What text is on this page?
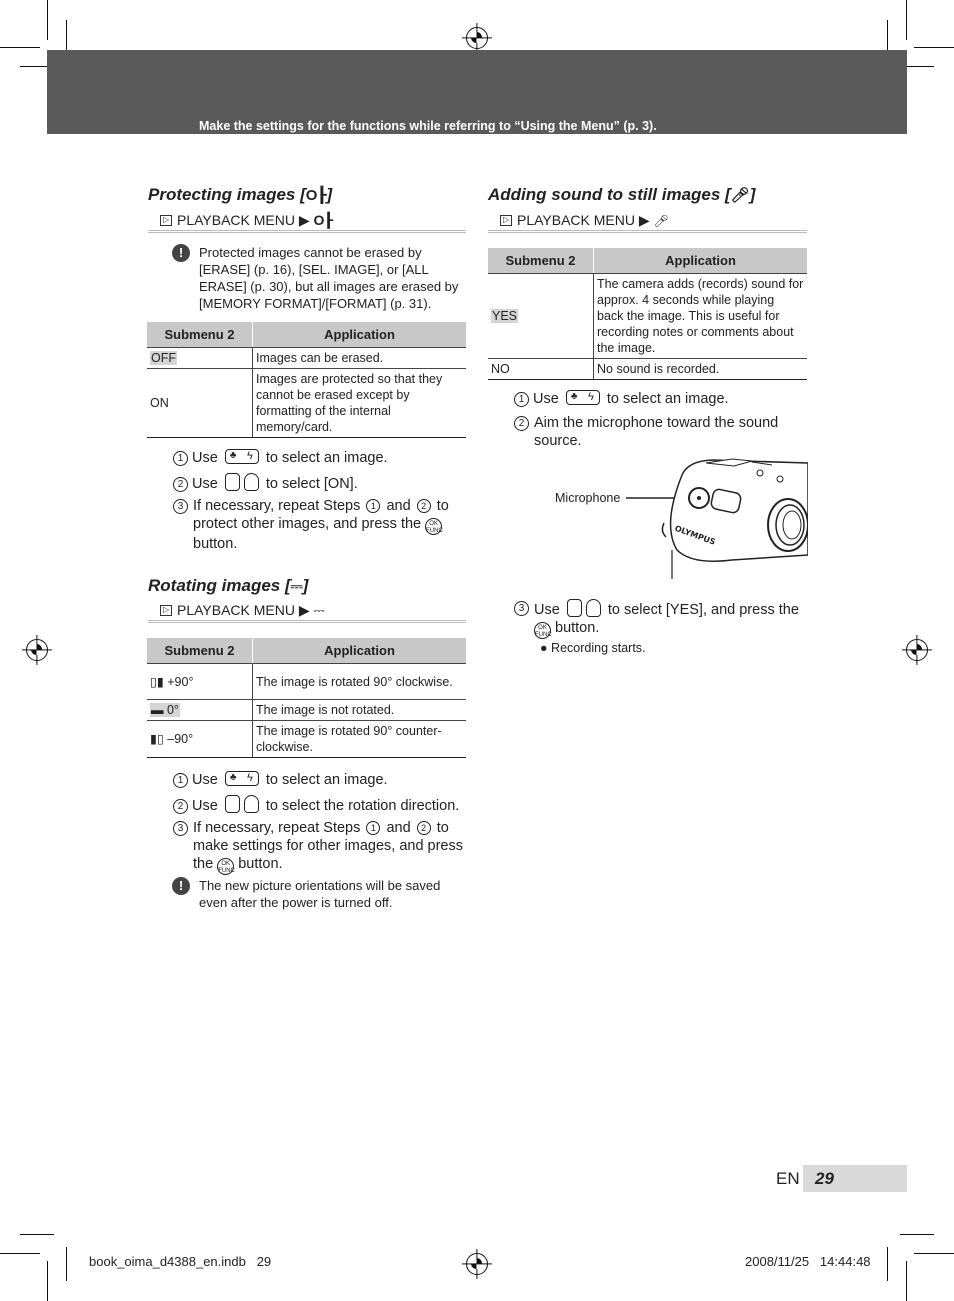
Make the settings for the functions while referring to “Using the Menu” (p. 3).
Protecting images [O┠]
▷PLAYBACK MENU ▶ O┠
!	Protected images cannot be erased by [ERASE] (p. 16), [SEL. IMAGE], or [ALL ERASE] (p. 30), but all images are erased by [MEMORY FORMAT]/[FORMAT] (p. 31).
Submenu 2	Application
OFF	Images can be erased.
ON	Images are protected so that they cannot be erased except by formatting of the internal memory/card.
1 Use ♣ ϟ	to select an image.
2 Use	to select [ON].
3 If necessary, repeat Steps 1 and 2 to protect other images, and press the OK FUNCbutton.
Rotating images [⎓]
▷PLAYBACK MENU ▶ ⎓
Submenu 2	Application
▯▮ +90°	The image is rotated 90° clockwise.
▬ 0°	The image is not rotated.
▮▯ –90°	The image is rotated 90° counter-clockwise.
1 Use ♣ ϟ	to select an image.
2 Use	to select the rotation direction.
3 If necessary, repeat Steps 1 and 2 to make settings for other images, and press the OK FUNC button.
!	The new picture orientations will be saved even after the power is turned off.
Adding sound to still images [🎤︎]
▷PLAYBACK MENU ▶ 🎤︎
Submenu 2	Application
YES	The camera adds (records) sound for approx. 4 seconds while playing back the image. This is useful for recording notes or comments about the image.
NO	No sound is recorded.
1 Use ♣ ϟ	to select an image.
2 Aim the microphone toward the sound source.
Microphone
OLYMPUS
3 Use	to select [YES], and press the OK FUNC button.
● Recording starts.
EN 29
book_oima_d4388_en.indb   29	2008/11/25   14:44:48
